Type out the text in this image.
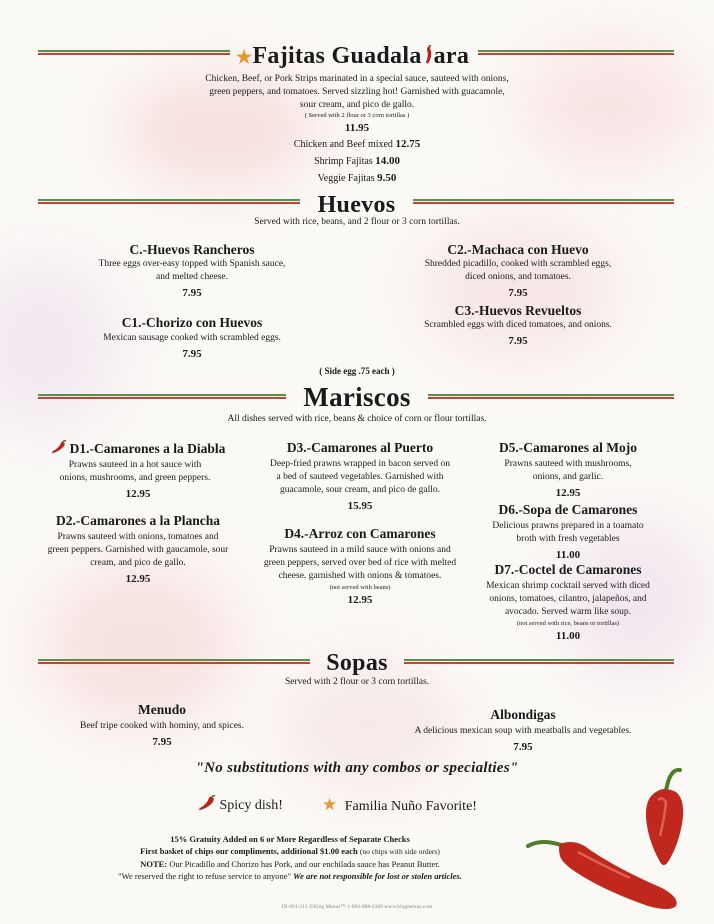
★Fajitas Guadala ara
Chicken, Beef, or Pork Strips marinated in a special sauce, sauteed with onions, green peppers, and tomatoes. Served sizzling hot! Garnished with guacamole, sour cream, and pico de gallo.
( Served with 2 flour or 3 corn tortillas )
11.95
Chicken and Beef mixed 12.75
Shrimp Fajitas 14.00
Veggie Fajitas 9.50
Huevos
Served with rice, beans, and 2 flour or 3 corn tortillas.
C.-Huevos Rancheros
Three eggs over-easy topped with Spanish sauce, and melted cheese.
7.95
C1.-Chorizo con Huevos
Mexican sausage cooked with scrambled eggs.
7.95
C2.-Machaca con Huevo
Shredded picadillo, cooked with scrambled eggs, diced onions, and tomatoes.
7.95
C3.-Huevos Revueltos
Scrambled eggs with diced tomatoes, and onions.
7.95
( Side egg .75 each )
Mariscos
All dishes served with rice, beans & choice of corn or flour tortillas.
D1.-Camarones a la Diabla
Prawns sauteed in a hot sauce with onions, mushrooms, and green peppers.
12.95
D2.-Camarones a la Plancha
Prawns sauteed with onions, tomatoes and green peppers. Garnished with gaucamole, sour cream, and pico de gallo.
12.95
D3.-Camarones al Puerto
Deep-fried prawns wrapped in bacon served on a bed of sauteed vegetables. Garnished with guacamole, sour cream, and pico de gallo.
15.95
D4.-Arroz con Camarones
Prawns sauteed in a mild sauce with onions and green peppers, served over bed of rice with melted cheese. garnished with onions & tomatoes.
(not served with beans)
12.95
D5.-Camarones al Mojo
Prawns sauteed with mushrooms, onions, and garlic.
12.95
D6.-Sopa de Camarones
Delicious prawns prepared in a toamato broth with fresh vegetables
11.00
D7.-Coctel de Camarones
Mexican shrimp cocktail served with diced onions, tomatoes, cilantro, jalapeños, and avocado. Served warm like soup.
(not served with rice, beans or tortillas)
11.00
Sopas
Served with 2 flour or 3 corn tortillas.
Menudo
Beef tripe cooked with hominy, and spices.
7.95
Albondigas
A delicious mexican soup with meatballs and vegetables.
7.95
"No substitutions with any combos or specialties"
Spicy dish! ★ Familia Nuño Favorite!
15% Gratuity Added on 6 or More Regardless of Separate Checks
First basket of chips our compliments, additional $1.00 each (no chips with side orders)
NOTE: Our Picadillo and Chorizo has Pork, and our enchilada sauce has Peanut Butter.
"We reserved the right to refuse service to anyone" We are not responsible for lost or stolen articles.
IN-091-211 ©King Menus™ 1-800-888-6368 www.kingmenus.com
